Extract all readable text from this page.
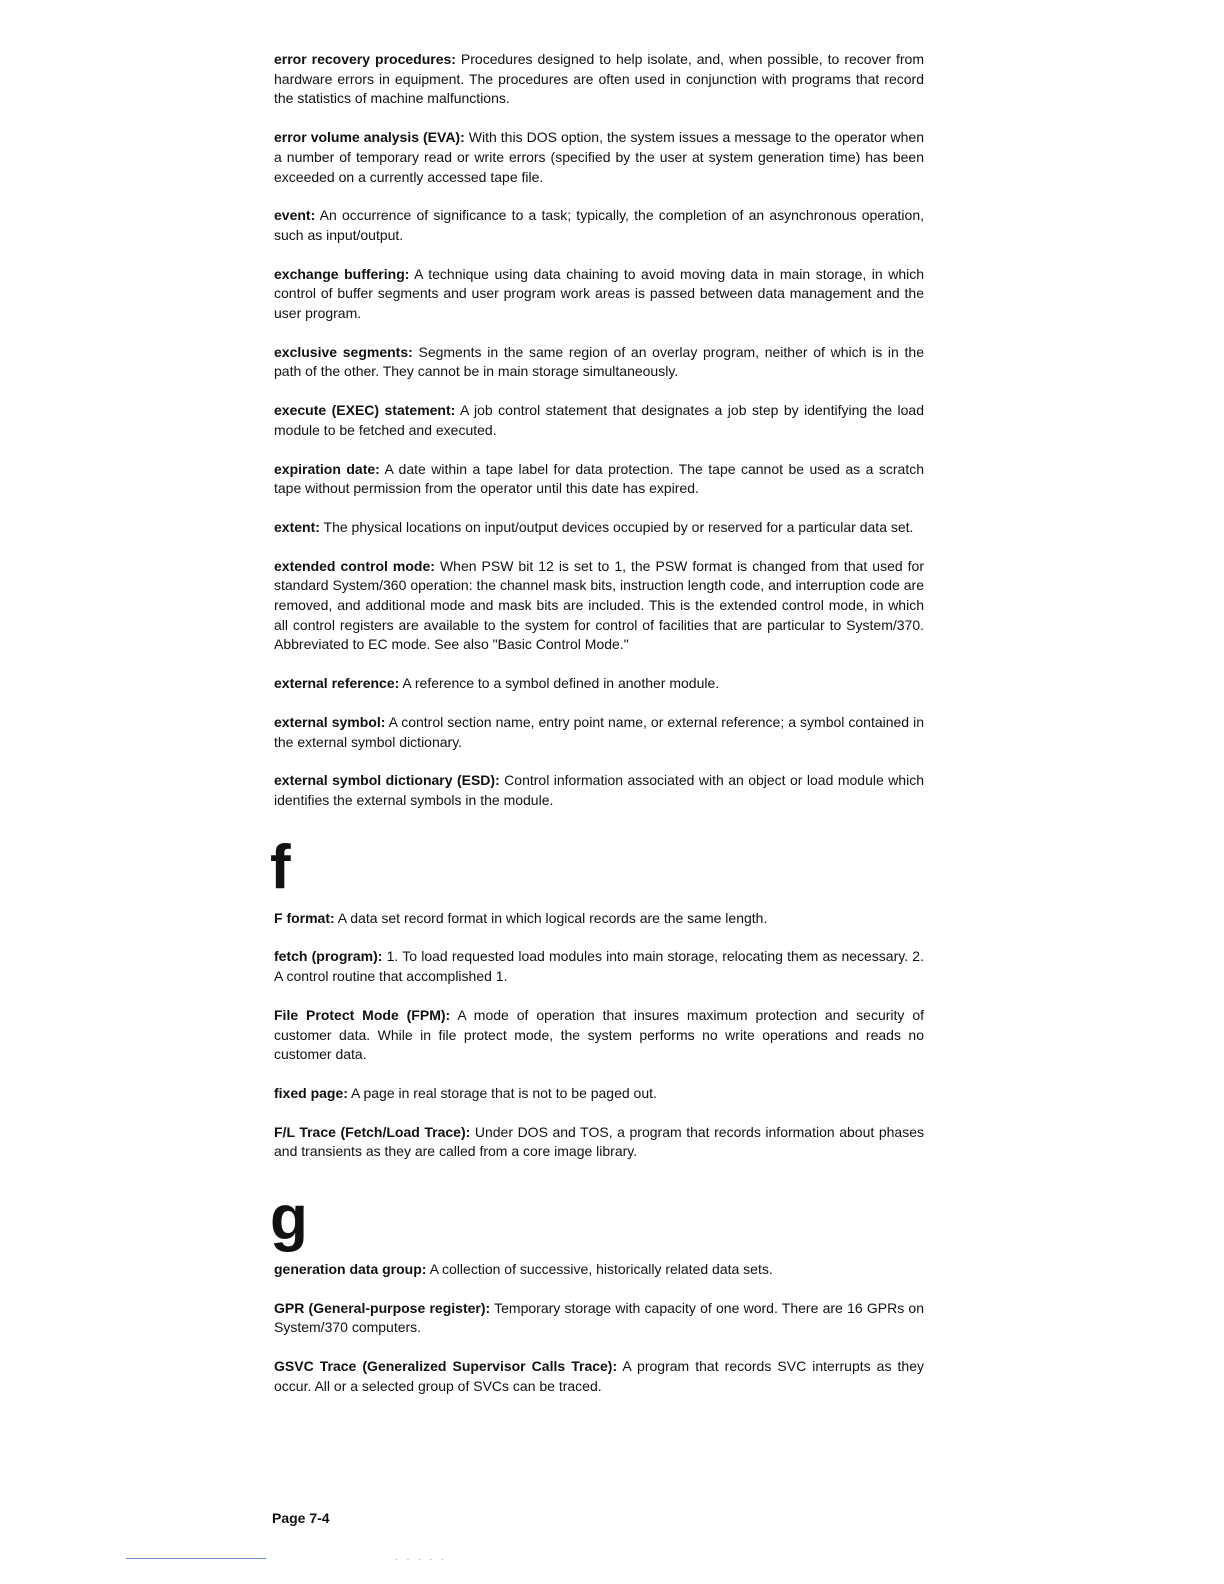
error recovery procedures: Procedures designed to help isolate, and, when possible, to recover from hardware errors in equipment. The procedures are often used in conjunction with programs that record the statistics of machine malfunctions.

error volume analysis (EVA): With this DOS option, the system issues a message to the operator when a number of temporary read or write errors (specified by the user at system generation time) has been exceeded on a currently accessed tape file.

event: An occurrence of significance to a task; typically, the completion of an asynchronous operation, such as input/output.

exchange buffering: A technique using data chaining to avoid moving data in main storage, in which control of buffer segments and user program work areas is passed between data management and the user program.

exclusive segments: Segments in the same region of an overlay program, neither of which is in the path of the other. They cannot be in main storage simultaneously.

execute (EXEC) statement: A job control statement that designates a job step by identifying the load module to be fetched and executed.

expiration date: A date within a tape label for data protection. The tape cannot be used as a scratch tape without permission from the operator until this date has expired.

extent: The physical locations on input/output devices occupied by or reserved for a particular data set.

extended control mode: When PSW bit 12 is set to 1, the PSW format is changed from that used for standard System/360 operation: the channel mask bits, instruction length code, and interruption code are removed, and additional mode and mask bits are included. This is the extended control mode, in which all control registers are available to the system for control of facilities that are particular to System/370. Abbreviated to EC mode. See also "Basic Control Mode."

external reference: A reference to a symbol defined in another module.

external symbol: A control section name, entry point name, or external reference; a symbol contained in the external symbol dictionary.

external symbol dictionary (ESD): Control information associated with an object or load module which identifies the external symbols in the module.

f

F format: A data set record format in which logical records are the same length.

fetch (program): 1. To load requested load modules into main storage, relocating them as necessary. 2. A control routine that accomplished 1.

File Protect Mode (FPM): A mode of operation that insures maximum protection and security of customer data. While in file protect mode, the system performs no write operations and reads no customer data.

fixed page: A page in real storage that is not to be paged out.

F/L Trace (Fetch/Load Trace): Under DOS and TOS, a program that records information about phases and transients as they are called from a core image library.

g

generation data group: A collection of successive, historically related data sets.

GPR (General-purpose register): Temporary storage with capacity of one word. There are 16 GPRs on System/370 computers.

GSVC Trace (Generalized Supervisor Calls Trace): A program that records SVC interrupts as they occur. All or a selected group of SVCs can be traced.

Page 7-4
· · · · ·
